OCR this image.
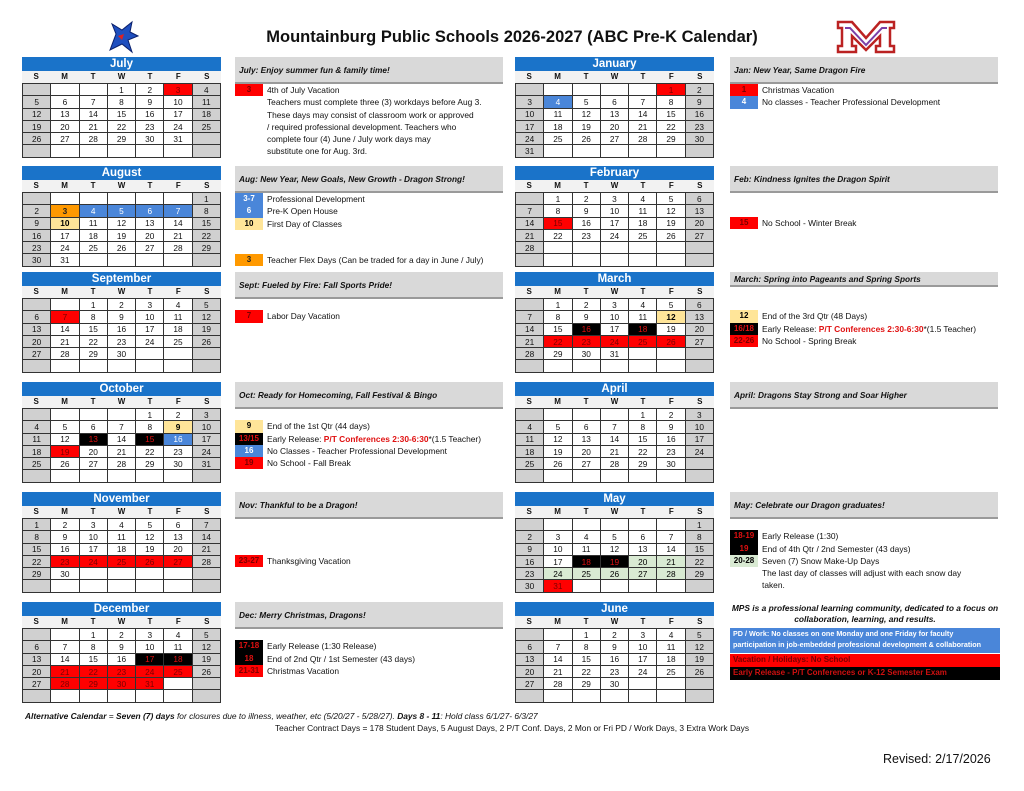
Mountainburg Public Schools 2026-2027 (ABC Pre-K Calendar)
July
S	M	T	W	T	F	S
			1	2	3	4
5	6	7	8	9	10	11
12	13	14	15	16	17	18
19	20	21	22	23	24	25
26	27	28	29	30	31	

July: Enjoy summer fun & family time!
3	4th of July Vacation
Teachers must complete three (3) workdays before Aug 3.
These days may consist of classroom work or approved
/ required professional development. Teachers who
complete four (4) June / July work days may
substitute one for Aug. 3rd.
August
S	M	T	W	T	F	S
						1
2	3	4	5	6	7	8
9	10	11	12	13	14	15
16	17	18	19	20	21	22
23	24	25	26	27	28	29
30	31					
Aug: New Year, New Goals, New Growth - Dragon Strong!
3-7	Professional Development
6	Pre-K Open House
10	First Day of Classes
3	Teacher Flex Days (Can be traded for a day in June / July)
September
S	M	T	W	T	F	S
		1	2	3	4	5
6	7	8	9	10	11	12
13	14	15	16	17	18	19
20	21	22	23	24	25	26
27	28	29	30			

Sept: Fueled by Fire: Fall Sports Pride!
7	Labor Day Vacation
October
S	M	T	W	T	F	S
				1	2	3
4	5	6	7	8	9	10
11	12	13	14	15	16	17
18	19	20	21	22	23	24
25	26	27	28	29	30	31

Oct: Ready for Homecoming, Fall Festival & Bingo
9	End of the 1st Qtr (44 days)
13/15 Early Release: P/T Conferences 2:30-6:30*(1.5 Teacher)
16	No Classes - Teacher Professional Development
19	No School - Fall Break
November
S	M	T	W	T	F	S
1	2	3	4	5	6	7
8	9	10	11	12	13	14
15	16	17	18	19	20	21
22	23	24	25	26	27	28
29	30					

Nov: Thankful to be a Dragon!
23-27 Thanksgiving Vacation
December
S	M	T	W	T	F	S
		1	2	3	4	5
6	7	8	9	10	11	12
13	14	15	16	17	18	19
20	21	22	23	24	25	26
27	28	29	30	31		

Dec: Merry Christmas, Dragons!
17-18 Early Release (1:30 Release)
18	End of 2nd Qtr / 1st Semester (43 days)
21-31 Christmas Vacation
January
S	M	T	W	T	F	S
					1	2
3	4	5	6	7	8	9
10	11	12	13	14	15	16
17	18	19	20	21	22	23
24	25	26	27	28	29	30
31						
Jan: New Year, Same Dragon Fire
1	Christmas Vacation
4	No classes - Teacher Professional Development
February
S	M	T	W	T	F	S
	1	2	3	4	5	6
7	8	9	10	11	12	13
14	15	16	17	18	19	20
21	22	23	24	25	26	27
28						

Feb: Kindness Ignites the Dragon Spirit
15	No School - Winter Break
March
S	M	T	W	T	F	S
	1	2	3	4	5	6
7	8	9	10	11	12	13
14	15	16	17	18	19	20
21	22	23	24	25	26	27
28	29	30	31			

March: Spring into Pageants and Spring Sports
12	End of the 3rd Qtr (48 Days)
16/18 Early Release: P/T Conferences 2:30-6:30*(1.5 Teacher)
22-26 No School - Spring Break
April
S	M	T	W	T	F	S
				1	2	3
4	5	6	7	8	9	10
11	12	13	14	15	16	17
18	19	20	21	22	23	24
25	26	27	28	29	30	

April: Dragons Stay Strong and Soar Higher
May
S	M	T	W	T	F	S
						1
2	3	4	5	6	7	8
9	10	11	12	13	14	15
16	17	18	19	20	21	22
23	24	25	26	27	28	29
30	31					
May: Celebrate our Dragon graduates!
18-19 Early Release (1:30)
19	End of 4th Qtr / 2nd Semester (43 days)
20-28 Seven (7) Snow Make-Up Days
The last day of classes will adjust with each snow day
taken.
June
S	M	T	W	T	F	S
		1	2	3	4	5
6	7	8	9	10	11	12
13	14	15	16	17	18	19
20	21	22	23	24	25	26
27	28	29	30			

MPS is a professional learning community, dedicated to a focus on collaboration, learning, and results.
PD / Work: No classes on one Monday and one Friday for faculty participation in job-embedded professional development & collaboration
Vacation / Holidays: No School
Early Release - P/T Conferences or K-12 Semester Exam
Alternative Calendar = Seven (7) days for closures due to illness, weather, etc (5/20/27 - 5/28/27). Days 8 - 11: Hold class 6/1/27- 6/3/27
Teacher Contract Days = 178 Student Days, 5 August Days, 2 P/T Conf. Days, 2 Mon or Fri PD / Work Days, 3 Extra Work Days
Revised: 2/17/2026
